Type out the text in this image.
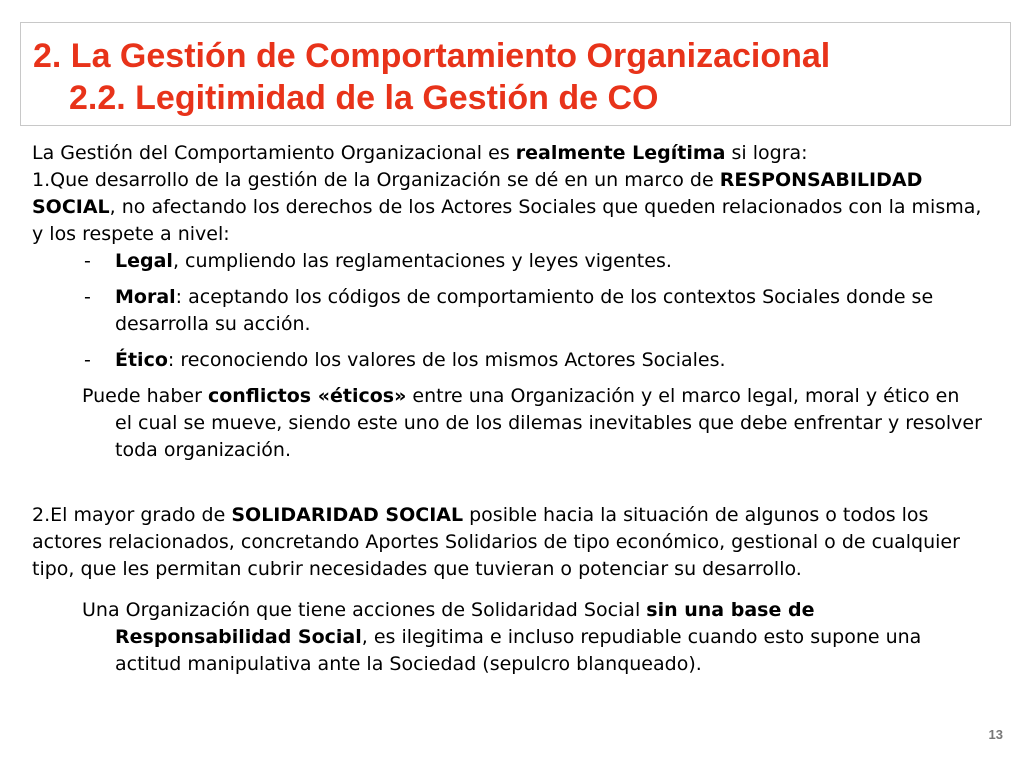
2. La Gestión de Comportamiento Organizacional
2.2. Legitimidad de la Gestión de CO

La Gestión del Comportamiento Organizacional es realmente Legítima si logra:

1.Que desarrollo de la gestión de la Organización se dé en un marco de RESPONSABILIDAD SOCIAL, no afectando los derechos de los Actores Sociales que queden relacionados con la misma, y los respete a nivel:

- Legal, cumpliendo las reglamentaciones y leyes vigentes.
- Moral: aceptando los códigos de comportamiento de los contextos Sociales donde se desarrolla su acción.
- Ético: reconociendo los valores de los mismos Actores Sociales.

Puede haber conflictos «éticos» entre una Organización y el marco legal, moral y ético en el cual se mueve, siendo este uno de los dilemas inevitables que debe enfrentar y resolver toda organización.

2.El mayor grado de SOLIDARIDAD SOCIAL posible hacia la situación de algunos o todos los actores relacionados, concretando Aportes Solidarios de tipo económico, gestional o de cualquier tipo, que les permitan cubrir necesidades que tuvieran o potenciar su desarrollo.

Una Organización que tiene acciones de Solidaridad Social sin una base de Responsabilidad Social, es ilegitima e incluso repudiable cuando esto supone una actitud manipulativa ante la Sociedad (sepulcro blanqueado).

13
